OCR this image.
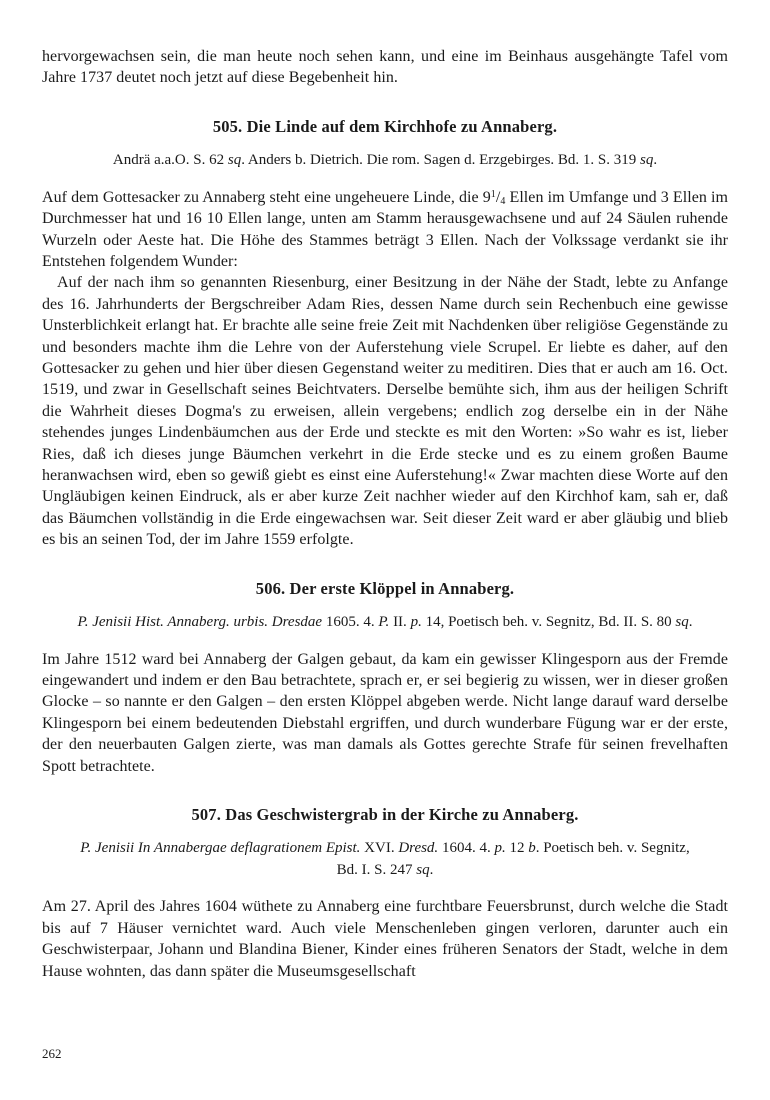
hervorgewachsen sein, die man heute noch sehen kann, und eine im Beinhaus ausgehängte Tafel vom Jahre 1737 deutet noch jetzt auf diese Begebenheit hin.

505. Die Linde auf dem Kirchhofe zu Annaberg.

Andrä a.a.O. S. 62 sq. Anders b. Dietrich. Die rom. Sagen d. Erzgebirges. Bd. 1. S. 319 sq.

Auf dem Gottesacker zu Annaberg steht eine ungeheuere Linde, die $9^1/_4$ Ellen im Umfange und 3 Ellen im Durchmesser hat und 16 10 Ellen lange, unten am Stamm herausgewachsene und auf 24 Säulen ruhende Wurzeln oder Aeste hat. Die Höhe des Stammes beträgt 3 Ellen. Nach der Volkssage verdankt sie ihr Entstehen folgendem Wunder:

Auf der nach ihm so genannten Riesenburg, einer Besitzung in der Nähe der Stadt, lebte zu Anfange des 16. Jahrhunderts der Bergschreiber Adam Ries, dessen Name durch sein Rechenbuch eine gewisse Unsterblichkeit erlangt hat. Er brachte alle seine freie Zeit mit Nachdenken über religiöse Gegenstände zu und besonders machte ihm die Lehre von der Auferstehung viele Scrupel. Er liebte es daher, auf den Gottesacker zu gehen und hier über diesen Gegenstand weiter zu meditiren. Dies that er auch am 16. Oct. 1519, und zwar in Gesellschaft seines Beichtvaters. Derselbe bemühte sich, ihm aus der heiligen Schrift die Wahrheit dieses Dogma's zu erweisen, allein vergebens; endlich zog derselbe ein in der Nähe stehendes junges Lindenbäumchen aus der Erde und steckte es mit den Worten: »So wahr es ist, lieber Ries, daß ich dieses junge Bäumchen verkehrt in die Erde stecke und es zu einem großen Baume heranwachsen wird, eben so gewiß giebt es einst eine Auferstehung!« Zwar machten diese Worte auf den Ungläubigen keinen Eindruck, als er aber kurze Zeit nachher wieder auf den Kirchhof kam, sah er, daß das Bäumchen vollständig in die Erde eingewachsen war. Seit dieser Zeit ward er aber gläubig und blieb es bis an seinen Tod, der im Jahre 1559 erfolgte.

506. Der erste Klöppel in Annaberg.

P. Jenisii Hist. Annaberg. urbis. Dresdae 1605. 4. P. II. p. 14, Poetisch beh. v. Segnitz, Bd. II. S. 80 sq.

Im Jahre 1512 ward bei Annaberg der Galgen gebaut, da kam ein gewisser Klingesporn aus der Fremde eingewandert und indem er den Bau betrachtete, sprach er, er sei begierig zu wissen, wer in dieser großen Glocke – so nannte er den Galgen – den ersten Klöppel abgeben werde. Nicht lange darauf ward derselbe Klingesporn bei einem bedeutenden Diebstahl ergriffen, und durch wunderbare Fügung war er der erste, der den neuerbauten Galgen zierte, was man damals als Gottes gerechte Strafe für seinen frevelhaften Spott betrachtete.

507. Das Geschwistergrab in der Kirche zu Annaberg.

P. Jenisii In Annabergae deflagrationem Epist. XVI. Dresd. 1604. 4. p. 12 b. Poetisch beh. v. Segnitz, Bd. I. S. 247 sq.

Am 27. April des Jahres 1604 wüthete zu Annaberg eine furchtbare Feuersbrunst, durch welche die Stadt bis auf 7 Häuser vernichtet ward. Auch viele Menschenleben gingen verloren, darunter auch ein Geschwisterpaar, Johann und Blandina Biener, Kinder eines früheren Senators der Stadt, welche in dem Hause wohnten, das dann später die Museumsgesellschaft

262
